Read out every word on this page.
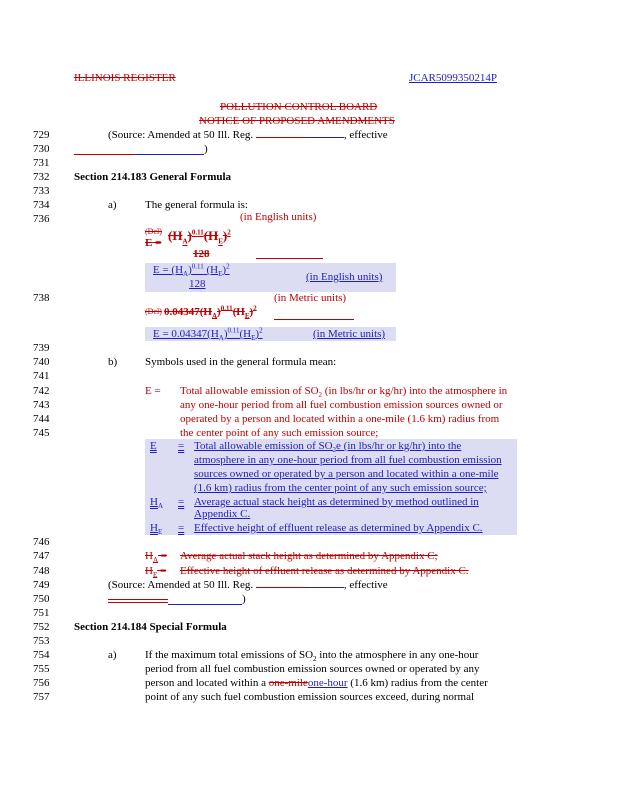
ILLINOIS REGISTER	JCAR5099350214P
POLLUTION CONTROL BOARD
NOTICE OF PROPOSED AMENDMENTS
729
730
731
732
733
734
736
738
739
740
741
742
743
744
745
746
747
748
749
750
751
752
753
754
755
756
757
(Source: Amended at 50 Ill. Reg.	, effective
)
Section 214.183 General Formula
a)	The general formula is:
(in English units)
(Del)
$E = (H_A)^{0.11}(H_E)^2$
128
$E = (H_A)^{0.11}$ $(H_E)^2$
128
(in English units)
(in Metric units)
(Del) $0.04347(H_A)^{0.11}(H_E)^2$
$E = 0.04347(H_A)^{0.11}(H_E)^2$	(in Metric units)
b)	Symbols used in the general formula mean:
E = Total allowable emission of $SO_2$ (in lbs/hr or kg/hr) into the atmosphere in
any one-hour period from all fuel combustion emission sources owned or
operated by a person and located within a one-mile (1.6 km) radius from
the center point of any such emission source;
E = Total allowable emission of $SO_2e$ (in lbs/hr or kg/hr) into the
atmosphere in any one-hour period from all fuel combustion emission
sources owned or operated by a person and located within a one-mile
(1.6 km) radius from the center point of any such emission source;
$H_A$ = Average actual stack height as determined by method outlined in
Appendix C.
$H_E$ = Effective height of effluent release as determined by Appendix C.
$H_A$ = Average actual stack height as determined by Appendix C;
$H_E$ = Effective height of effluent release as determined by Appendix C.
(Source: Amended at 50 Ill. Reg.	, effective
)
Section 214.184 Special Formula
a)	If the maximum total emissions of $SO_2$ into the atmosphere in any one-hour
period from all fuel combustion emission sources owned or operated by any
person and located within a one-mileone-hour (1.6 km) radius from the center
point of any such fuel combustion emission sources exceed, during normal
